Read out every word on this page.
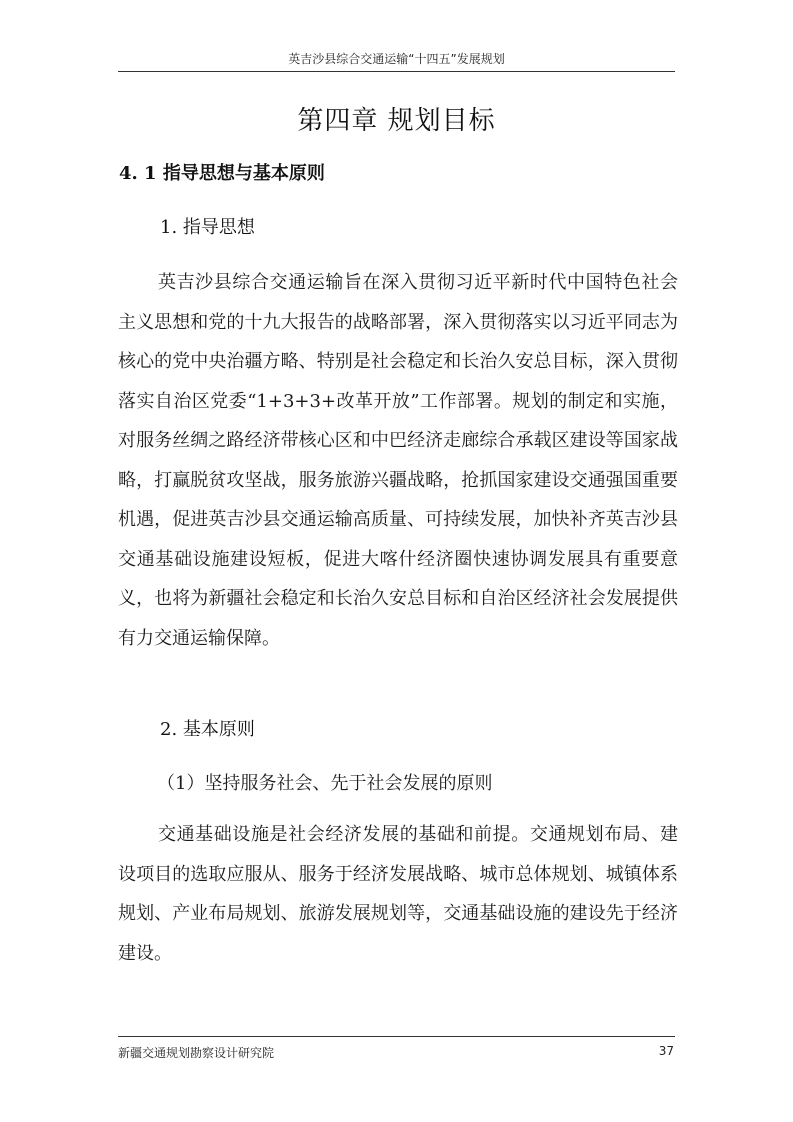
英吉沙县综合交通运输“十四五”发展规划
第四章 规划目标
4. 1 指导思想与基本原则
1. 指导思想
英吉沙县综合交通运输旨在深入贯彻习近平新时代中国特色社会主义思想和党的十九大报告的战略部署，深入贯彻落实以习近平同志为核心的党中央治疆方略、特别是社会稳定和长治久安总目标，深入贯彻落实自治区党委“1+3+3+改革开放”工作部署。规划的制定和实施，对服务丝绸之路经济带核心区和中巴经济走廊综合承载区建设等国家战略，打赢脱贫攻坚战，服务旅游兴疆战略，抢抓国家建设交通强国重要机遇，促进英吉沙县交通运输高质量、可持续发展，加快补齐英吉沙县交通基础设施建设短板，促进大喀什经济圈快速协调发展具有重要意义，也将为新疆社会稳定和长治久安总目标和自治区经济社会发展提供有力交通运输保障。
2. 基本原则
（1）坚持服务社会、先于社会发展的原则
交通基础设施是社会经济发展的基础和前提。交通规划布局、建设项目的选取应服从、服务于经济发展战略、城市总体规划、城镇体系规划、产业布局规划、旅游发展规划等，交通基础设施的建设先于经济建设。
新疆交通规划勘察设计研究院	37
